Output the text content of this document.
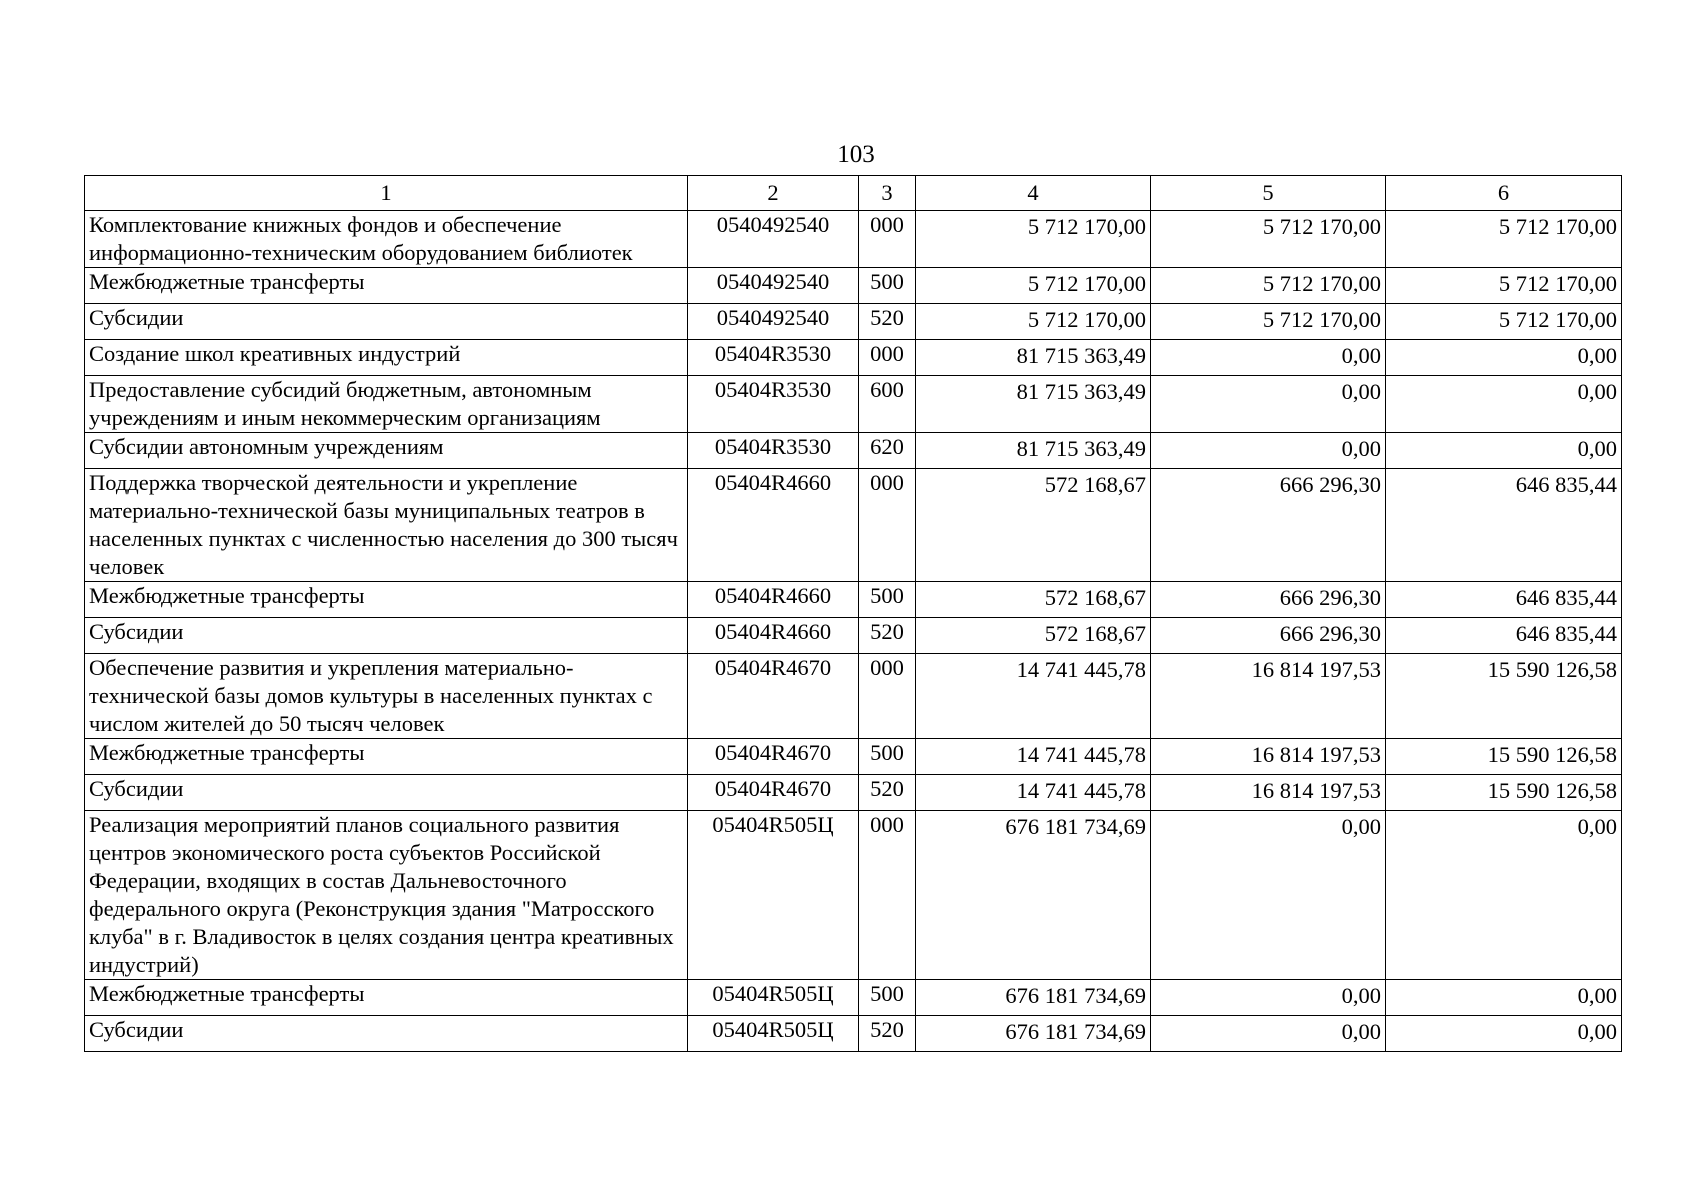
103
1	2	3	4	5	6
Комплектование книжных фондов и обеспечение информационно-техническим оборудованием библиотек	0540492540	000	5 712 170,00	5 712 170,00	5 712 170,00
Межбюджетные трансферты	0540492540	500	5 712 170,00	5 712 170,00	5 712 170,00
Субсидии	0540492540	520	5 712 170,00	5 712 170,00	5 712 170,00
Создание школ креативных индустрий	05404R3530	000	81 715 363,49	0,00	0,00
Предоставление субсидий бюджетным, автономным учреждениям и иным некоммерческим организациям	05404R3530	600	81 715 363,49	0,00	0,00
Субсидии автономным учреждениям	05404R3530	620	81 715 363,49	0,00	0,00
Поддержка творческой деятельности и укрепление материально-технической базы муниципальных театров в населенных пунктах с численностью населения до 300 тысяч человек	05404R4660	000	572 168,67	666 296,30	646 835,44
Межбюджетные трансферты	05404R4660	500	572 168,67	666 296,30	646 835,44
Субсидии	05404R4660	520	572 168,67	666 296,30	646 835,44
Обеспечение развития и укрепления материально-технической базы домов культуры в населенных пунктах с числом жителей до 50 тысяч человек	05404R4670	000	14 741 445,78	16 814 197,53	15 590 126,58
Межбюджетные трансферты	05404R4670	500	14 741 445,78	16 814 197,53	15 590 126,58
Субсидии	05404R4670	520	14 741 445,78	16 814 197,53	15 590 126,58
Реализация мероприятий планов социального развития центров экономического роста субъектов Российской Федерации, входящих в состав Дальневосточного федерального округа (Реконструкция здания "Матросского клуба" в г. Владивосток в целях создания центра креативных индустрий)	05404R505Ц	000	676 181 734,69	0,00	0,00
Межбюджетные трансферты	05404R505Ц	500	676 181 734,69	0,00	0,00
Субсидии	05404R505Ц	520	676 181 734,69	0,00	0,00
